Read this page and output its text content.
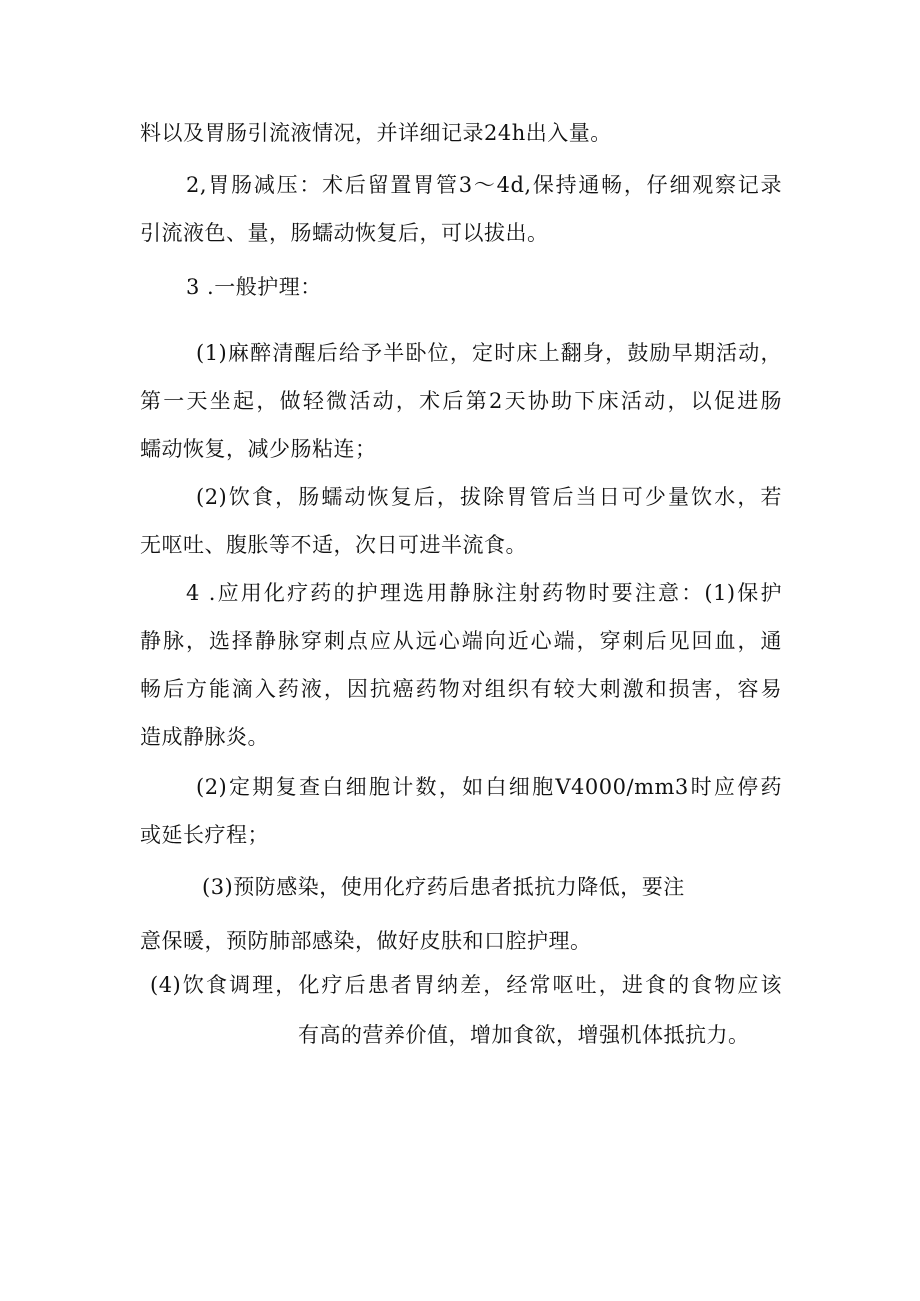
料以及胃肠引流液情况，并详细记录24h出入量。
2,胃肠减压：术后留置胃管3～4d,保持通畅，仔细观察记录
引流液色、量，肠蠕动恢复后，可以拔出。
3 .一般护理：
(1)麻醉清醒后给予半卧位，定时床上翻身，鼓励早期活动，
第一天坐起，做轻微活动，术后第2天协助下床活动，以促进肠
蠕动恢复，减少肠粘连；
(2)饮食，肠蠕动恢复后，拔除胃管后当日可少量饮水，若
无呕吐、腹胀等不适，次日可进半流食。
4 .应用化疗药的护理选用静脉注射药物时要注意：(1)保护
静脉，选择静脉穿刺点应从远心端向近心端，穿刺后见回血，通
畅后方能滴入药液，因抗癌药物对组织有较大刺激和损害，容易
造成静脉炎。
(2)定期复查白细胞计数，如白细胞V4000∕mm3时应停药
或延长疗程；
(3)预防感染，使用化疗药后患者抵抗力降低，要注
意保暖，预防肺部感染，做好皮肤和口腔护理。
(4)饮食调理，化疗后患者胃纳差，经常呕吐，进食的食物应该
有高的营养价值，增加食欲，增强机体抵抗力。
